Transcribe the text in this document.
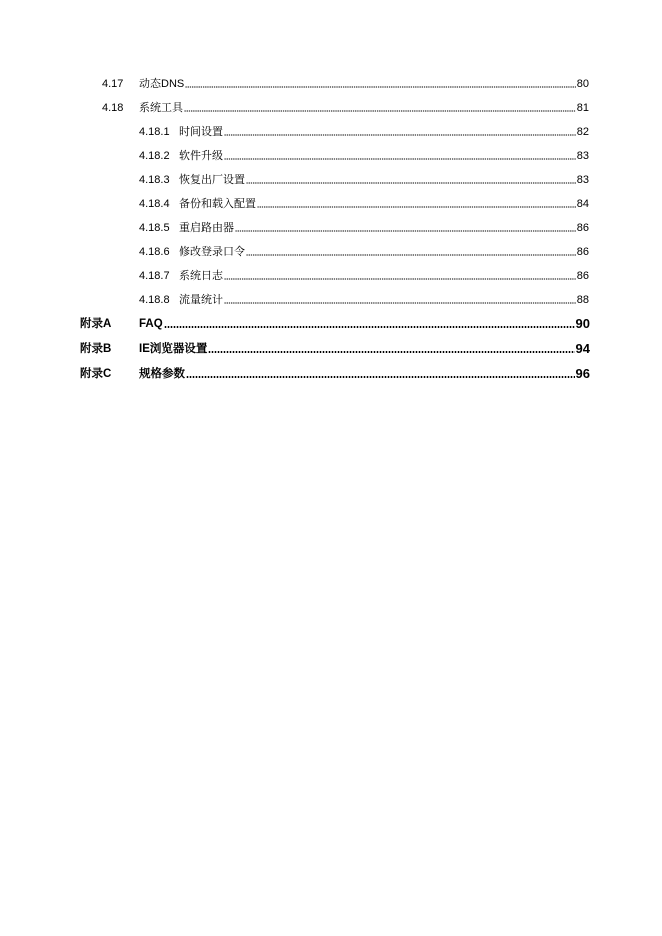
4.17	动态DNS	80
4.18	系统工具	81
4.18.1 时间设置	82
4.18.2 软件升级	83
4.18.3 恢复出厂设置	83
4.18.4 备份和载入配置	84
4.18.5 重启路由器	86
4.18.6 修改登录口令	86
4.18.7 系统日志	86
4.18.8 流量统计	88
附录A FAQ	90
附录B IE浏览器设置	94
附录C 规格参数	96
